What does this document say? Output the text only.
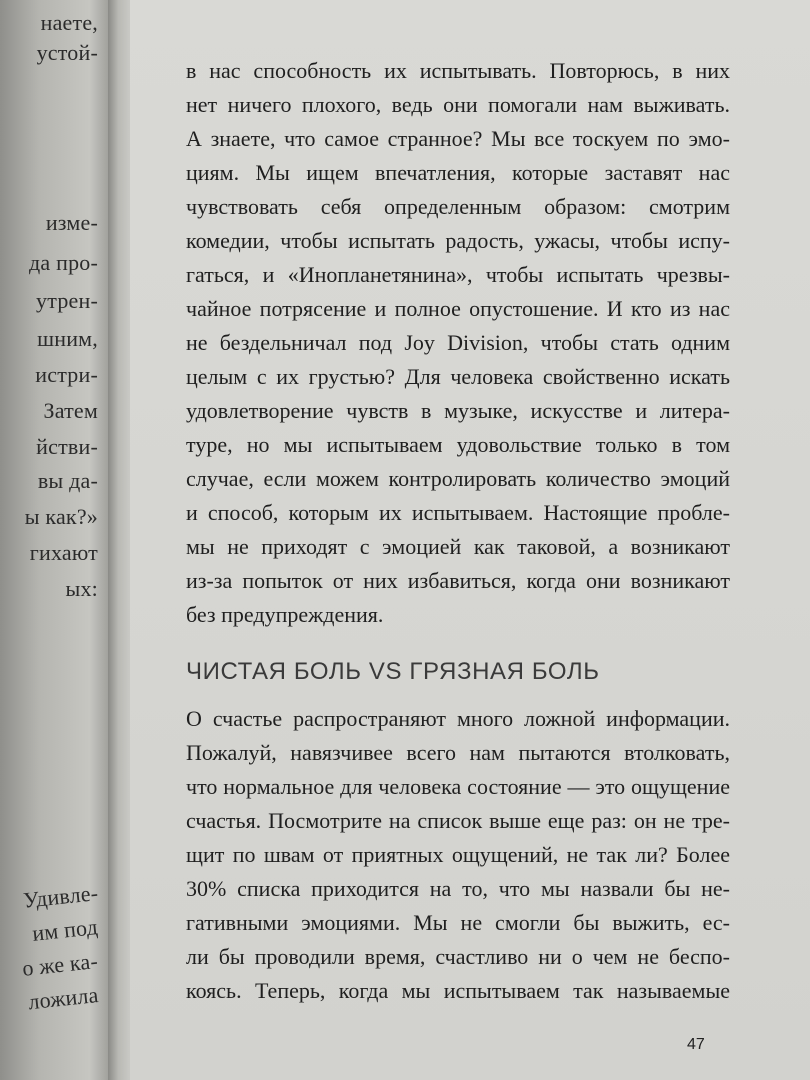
наете,
устой-
изме-
да про-
утрен-
шним,
истри-
Затем
йстви-
вы да-
ы как?»
гихают
ых:
Удивле-
им под
о же ка-
ложила
в нас способность их испытывать. Повторюсь, в них
нет ничего плохого, ведь они помогали нам выживать.
А знаете, что самое странное? Мы все тоскуем по эмо-
циям. Мы ищем впечатления, которые заставят нас
чувствовать себя определенным образом: смотрим
комедии, чтобы испытать радость, ужасы, чтобы испу-
гаться, и «Инопланетянина», чтобы испытать чрезвы-
чайное потрясение и полное опустошение. И кто из нас
не бездельничал под Joy Division, чтобы стать одним
целым с их грустью? Для человека свойственно искать
удовлетворение чувств в музыке, искусстве и литера-
туре, но мы испытываем удовольствие только в том
случае, если можем контролировать количество эмоций
и способ, которым их испытываем. Настоящие пробле-
мы не приходят с эмоцией как таковой, а возникают
из-за попыток от них избавиться, когда они возникают
без предупреждения.
ЧИСТАЯ БОЛЬ VS ГРЯЗНАЯ БОЛЬ
О счастье распространяют много ложной информации.
Пожалуй, навязчивее всего нам пытаются втолковать,
что нормальное для человека состояние — это ощущение
счастья. Посмотрите на список выше еще раз: он не тре-
щит по швам от приятных ощущений, не так ли? Более
30% списка приходится на то, что мы назвали бы не-
гативными эмоциями. Мы не смогли бы выжить, ес-
ли бы проводили время, счастливо ни о чем не беспо-
коясь. Теперь, когда мы испытываем так называемые
47
